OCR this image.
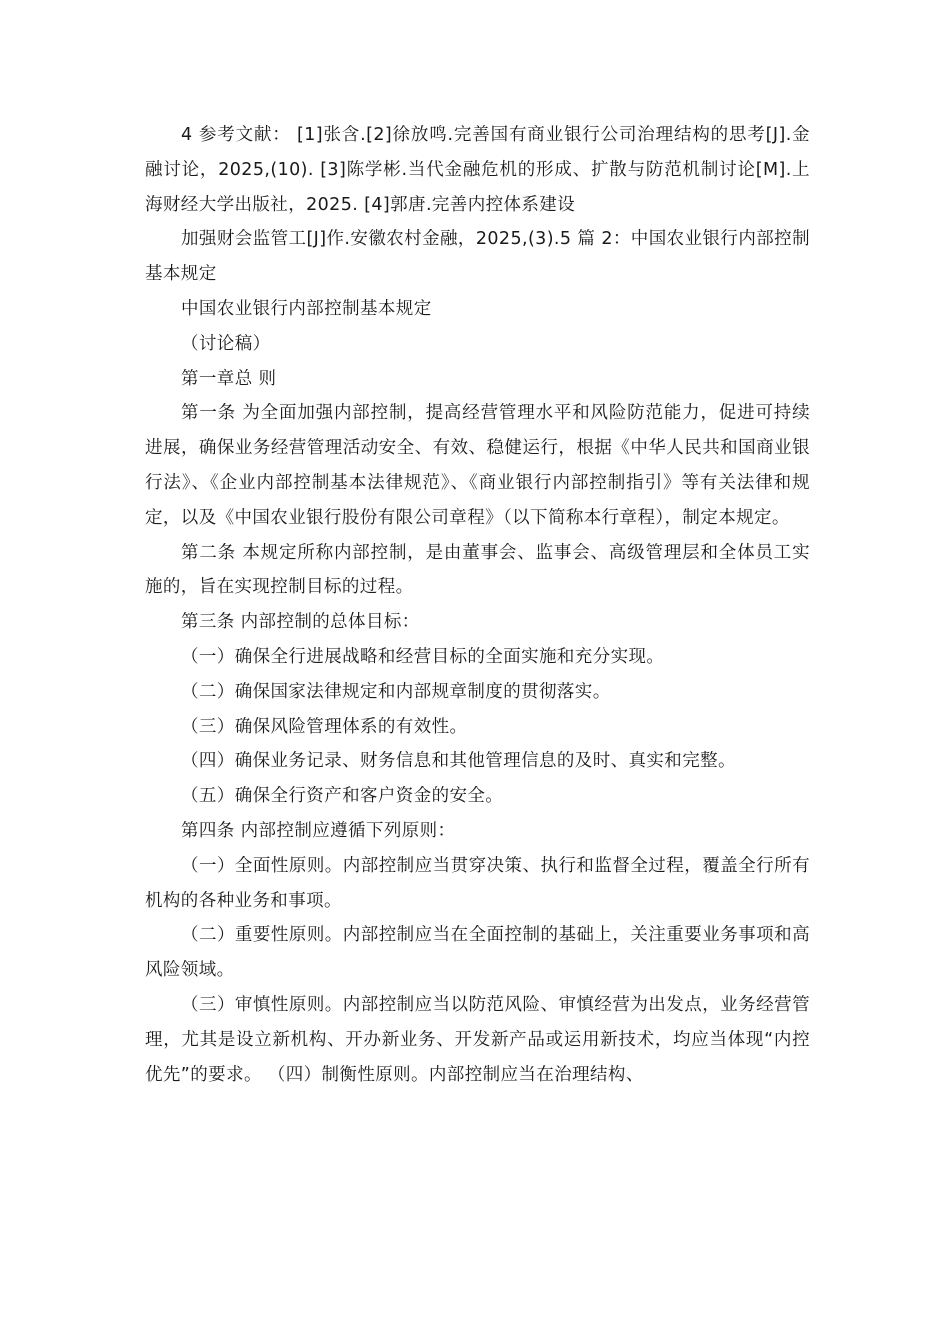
4 参考文献： [1]张含.[2]徐放鸣.完善国有商业银行公司治理结构的思考[J].金融讨论，2025,(10). [3]陈学彬.当代金融危机的形成、扩散与防范机制讨论[M].上海财经大学出版社，2025. [4]郭唐.完善内控体系建设

加强财会监管工[J]作.安徽农村金融，2025,(3).5 篇 2：中国农业银行内部控制基本规定

中国农业银行内部控制基本规定

（讨论稿）

第一章总 则

第一条 为全面加强内部控制，提高经营管理水平和风险防范能力，促进可持续进展，确保业务经营管理活动安全、有效、稳健运行，根据《中华人民共和国商业银行法》、《企业内部控制基本法律规范》、《商业银行内部控制指引》等有关法律和规定，以及《中国农业银行股份有限公司章程》（以下简称本行章程），制定本规定。

第二条 本规定所称内部控制，是由董事会、监事会、高级管理层和全体员工实施的，旨在实现控制目标的过程。

第三条 内部控制的总体目标：

（一）确保全行进展战略和经营目标的全面实施和充分实现。

（二）确保国家法律规定和内部规章制度的贯彻落实。

（三）确保风险管理体系的有效性。

（四）确保业务记录、财务信息和其他管理信息的及时、真实和完整。

（五）确保全行资产和客户资金的安全。

第四条 内部控制应遵循下列原则：

（一）全面性原则。内部控制应当贯穿决策、执行和监督全过程，覆盖全行所有机构的各种业务和事项。

（二）重要性原则。内部控制应当在全面控制的基础上，关注重要业务事项和高风险领域。

（三）审慎性原则。内部控制应当以防范风险、审慎经营为出发点，业务经营管理，尤其是设立新机构、开办新业务、开发新产品或运用新技术，均应当体现“内控优先”的要求。 （四）制衡性原则。内部控制应当在治理结构、
